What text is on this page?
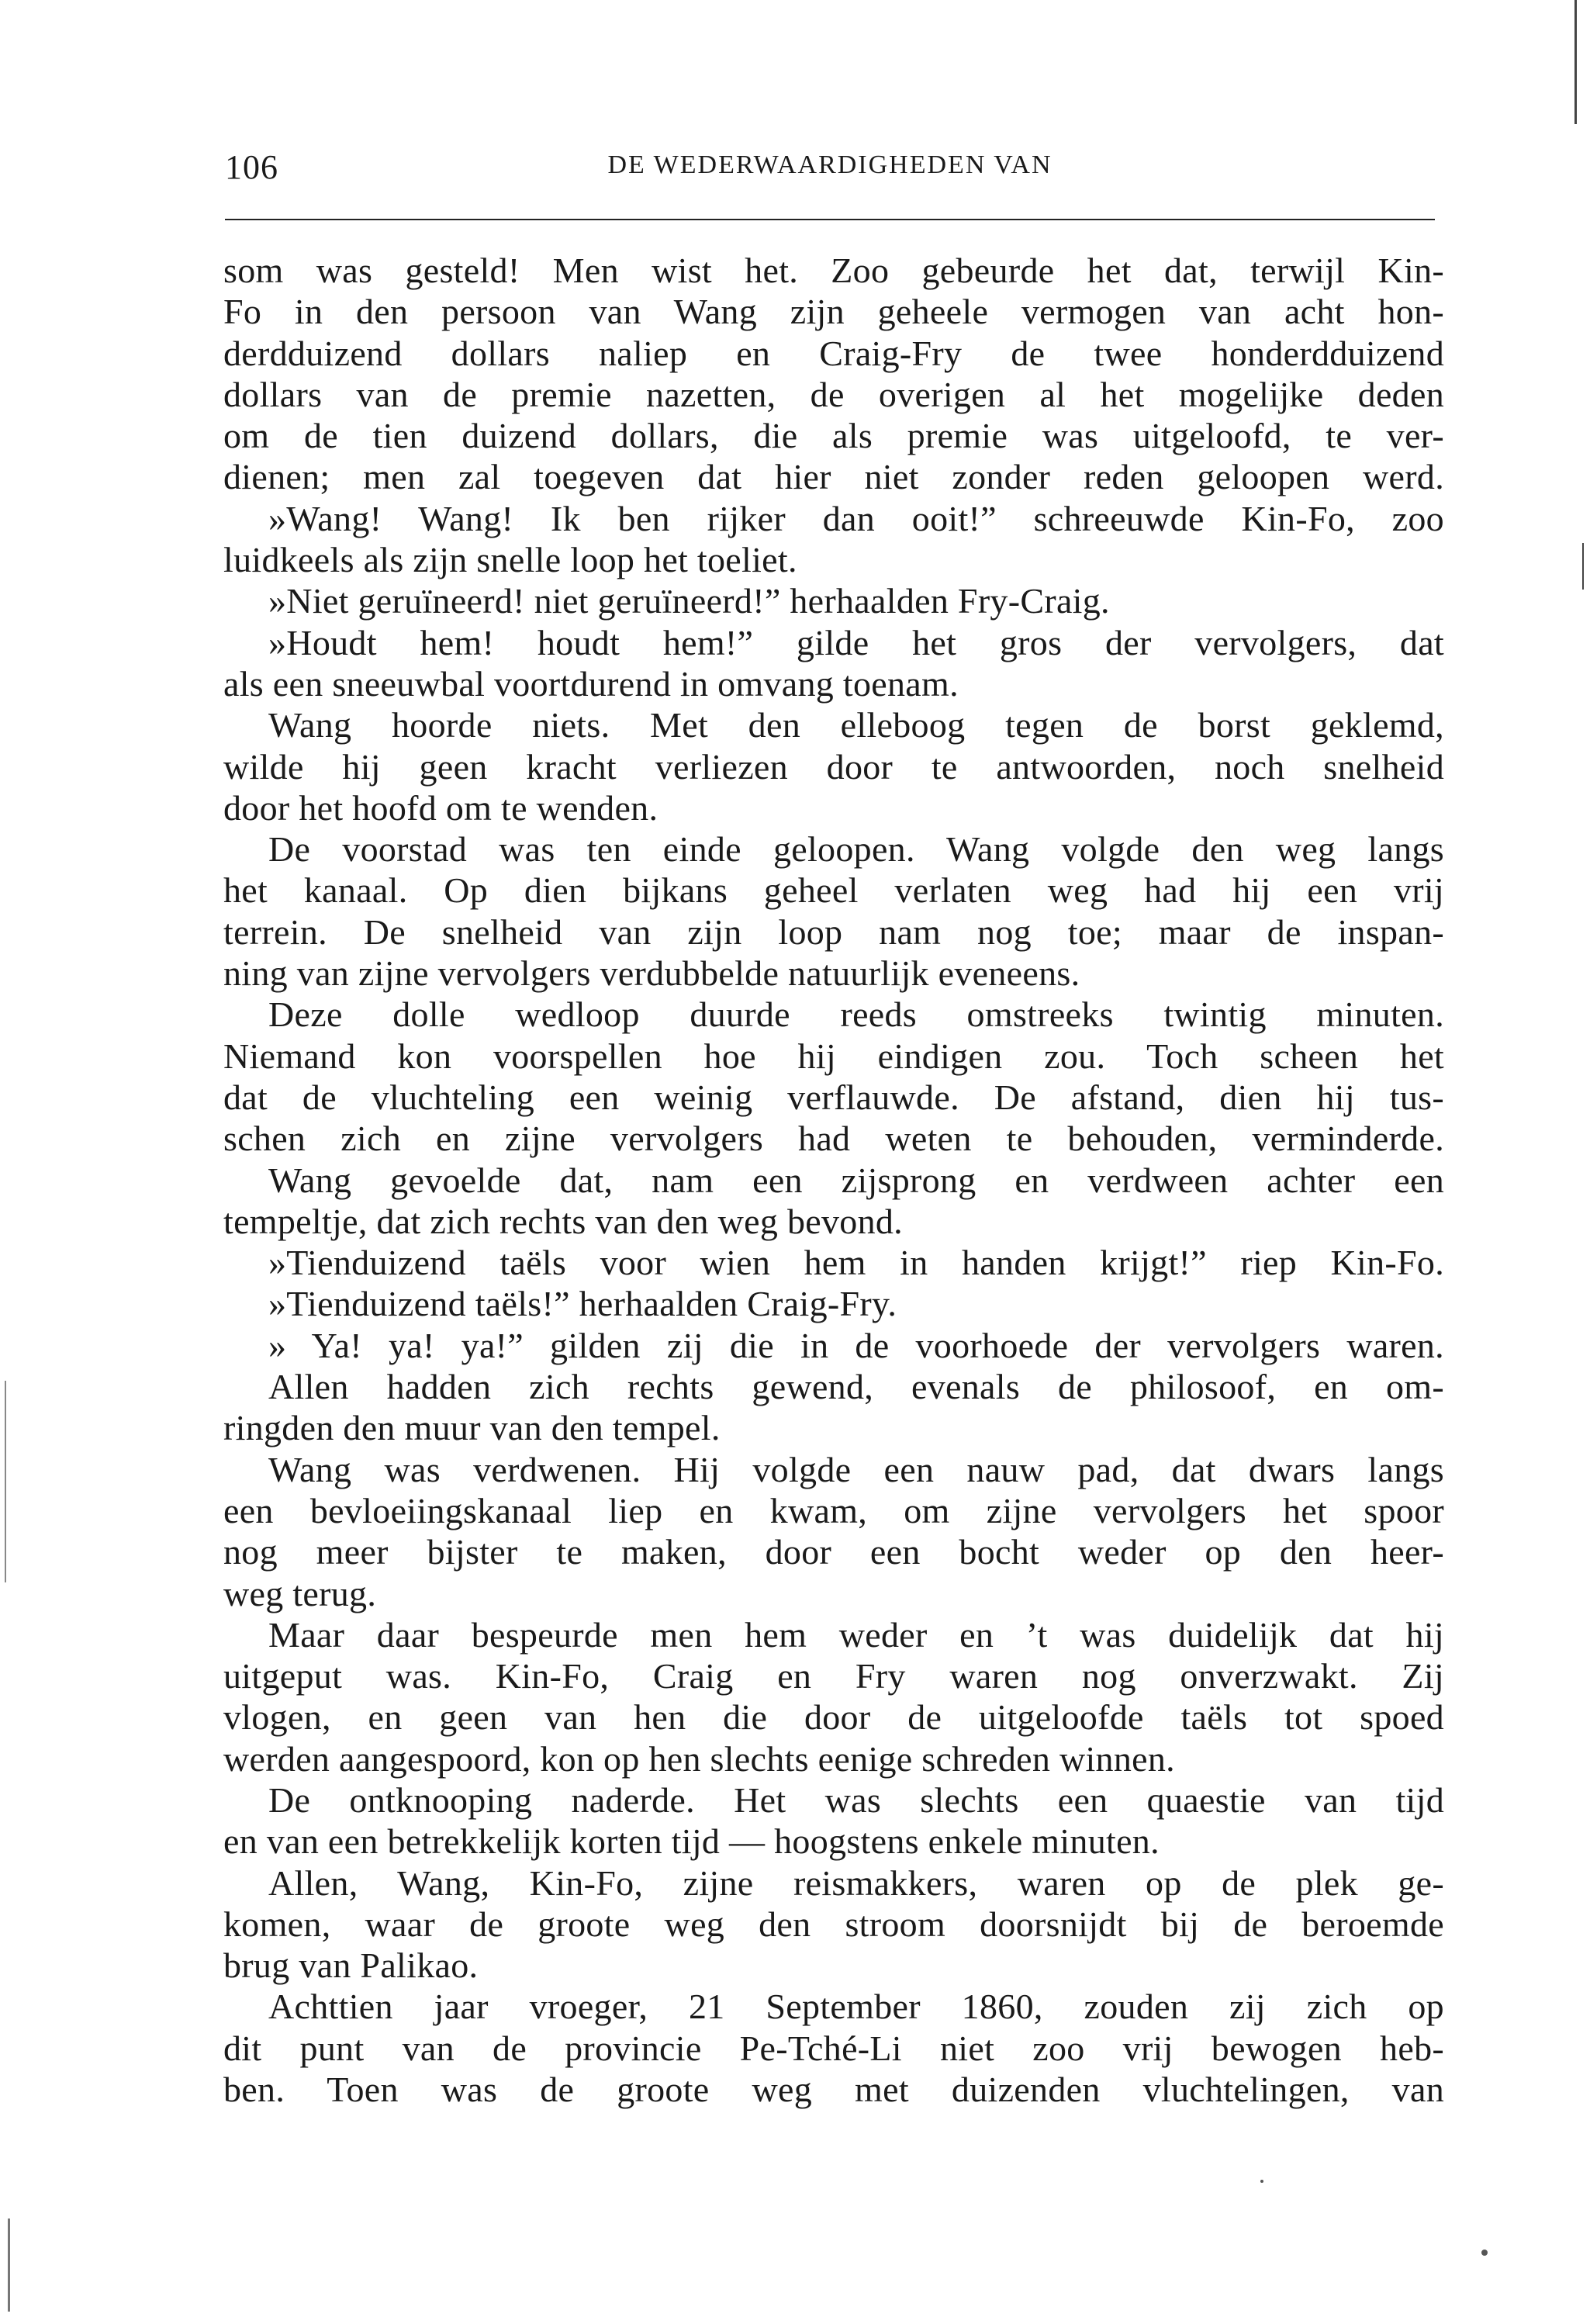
106	DE WEDERWAARDIGHEDEN VAN
som was gesteld! Men wist het. Zoo gebeurde het dat, terwijl Kin-
Fo in den persoon van Wang zijn geheele vermogen van acht hon-
derdduizend dollars naliep en Craig-Fry de twee honderdduizend
dollars van de premie nazetten, de overigen al het mogelijke deden
om de tien duizend dollars, die als premie was uitgeloofd, te ver-
dienen; men zal toegeven dat hier niet zonder reden geloopen werd.
»Wang! Wang! Ik ben rijker dan ooit!” schreeuwde Kin-Fo, zoo
luidkeels als zijn snelle loop het toeliet.
»Niet geruïneerd! niet geruïneerd!” herhaalden Fry-Craig.
»Houdt hem! houdt hem!” gilde het gros der vervolgers, dat
als een sneeuwbal voortdurend in omvang toenam.
Wang hoorde niets. Met den elleboog tegen de borst geklemd,
wilde hij geen kracht verliezen door te antwoorden, noch snelheid
door het hoofd om te wenden.
De voorstad was ten einde geloopen. Wang volgde den weg langs
het kanaal. Op dien bijkans geheel verlaten weg had hij een vrij
terrein. De snelheid van zijn loop nam nog toe; maar de inspan-
ning van zijne vervolgers verdubbelde natuurlijk eveneens.
Deze dolle wedloop duurde reeds omstreeks twintig minuten.
Niemand kon voorspellen hoe hij eindigen zou. Toch scheen het
dat de vluchteling een weinig verflauwde. De afstand, dien hij tus-
schen zich en zijne vervolgers had weten te behouden, verminderde.
Wang gevoelde dat, nam een zijsprong en verdween achter een
tempeltje, dat zich rechts van den weg bevond.
»Tienduizend taëls voor wien hem in handen krijgt!” riep Kin-Fo.
»Tienduizend taëls!” herhaalden Craig-Fry.
» Ya! ya! ya!” gilden zij die in de voorhoede der vervolgers waren.
Allen hadden zich rechts gewend, evenals de philosoof, en om-
ringden den muur van den tempel.
Wang was verdwenen. Hij volgde een nauw pad, dat dwars langs
een bevloeiingskanaal liep en kwam, om zijne vervolgers het spoor
nog meer bijster te maken, door een bocht weder op den heer-
weg terug.
Maar daar bespeurde men hem weder en ’t was duidelijk dat hij
uitgeput was. Kin-Fo, Craig en Fry waren nog onverzwakt. Zij
vlogen, en geen van hen die door de uitgeloofde taëls tot spoed
werden aangespoord, kon op hen slechts eenige schreden winnen.
De ontknooping naderde. Het was slechts een quaestie van tijd
en van een betrekkelijk korten tijd — hoogstens enkele minuten.
Allen, Wang, Kin-Fo, zijne reismakkers, waren op de plek ge-
komen, waar de groote weg den stroom doorsnijdt bij de beroemde
brug van Palikao.
Achttien jaar vroeger, 21 September 1860, zouden zij zich op
dit punt van de provincie Pe-Tché-Li niet zoo vrij bewogen heb-
ben. Toen was de groote weg met duizenden vluchtelingen, van
